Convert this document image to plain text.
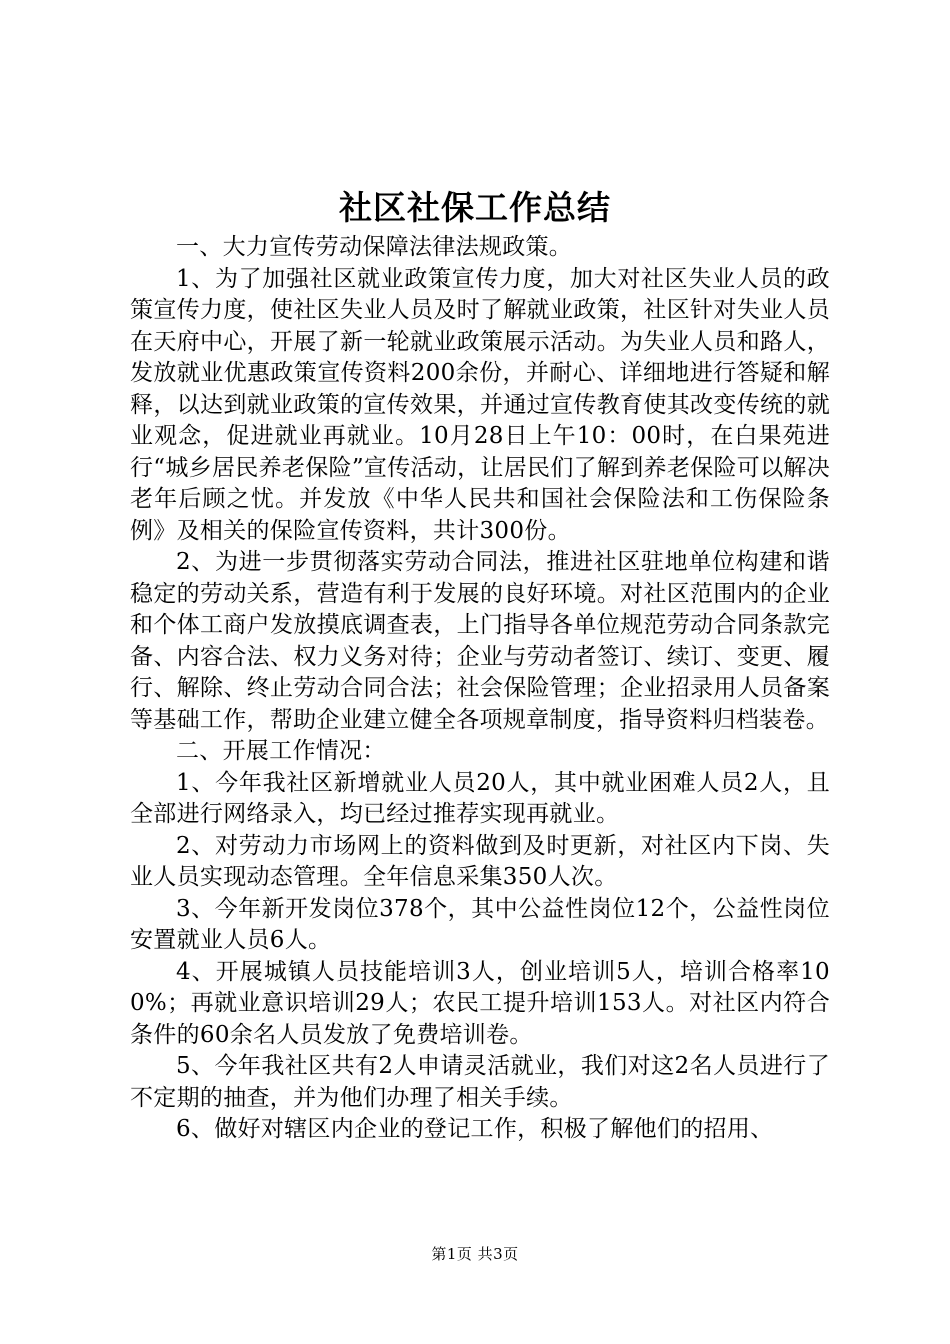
社区社保工作总结

一、大力宣传劳动保障法律法规政策。

1、为了加强社区就业政策宣传力度，加大对社区失业人员的政策宣传力度，使社区失业人员及时了解就业政策，社区针对失业人员在天府中心，开展了新一轮就业政策展示活动。为失业人员和路人，发放就业优惠政策宣传资料200余份，并耐心、详细地进行答疑和解释，以达到就业政策的宣传效果，并通过宣传教育使其改变传统的就业观念，促进就业再就业。10月28日上午10：00时，在白果苑进行“城乡居民养老保险”宣传活动，让居民们了解到养老保险可以解决老年后顾之忧。并发放《中华人民共和国社会保险法和工伤保险条例》及相关的保险宣传资料，共计300份。

2、为进一步贯彻落实劳动合同法，推进社区驻地单位构建和谐稳定的劳动关系，营造有利于发展的良好环境。对社区范围内的企业和个体工商户发放摸底调查表，上门指导各单位规范劳动合同条款完备、内容合法、权力义务对待；企业与劳动者签订、续订、变更、履行、解除、终止劳动合同合法；社会保险管理；企业招录用人员备案等基础工作，帮助企业建立健全各项规章制度，指导资料归档装卷。

二、开展工作情况：

1、今年我社区新增就业人员20人，其中就业困难人员2人，且全部进行网络录入，均已经过推荐实现再就业。

2、对劳动力市场网上的资料做到及时更新，对社区内下岗、失业人员实现动态管理。全年信息采集350人次。

3、今年新开发岗位378个，其中公益性岗位12个，公益性岗位安置就业人员6人。

4、开展城镇人员技能培训3人，创业培训5人，培训合格率100%；再就业意识培训29人；农民工提升培训153人。对社区内符合条件的60余名人员发放了免费培训卷。

5、今年我社区共有2人申请灵活就业，我们对这2名人员进行了不定期的抽查，并为他们办理了相关手续。

6、做好对辖区内企业的登记工作，积极了解他们的招用、

第1页 共3页
